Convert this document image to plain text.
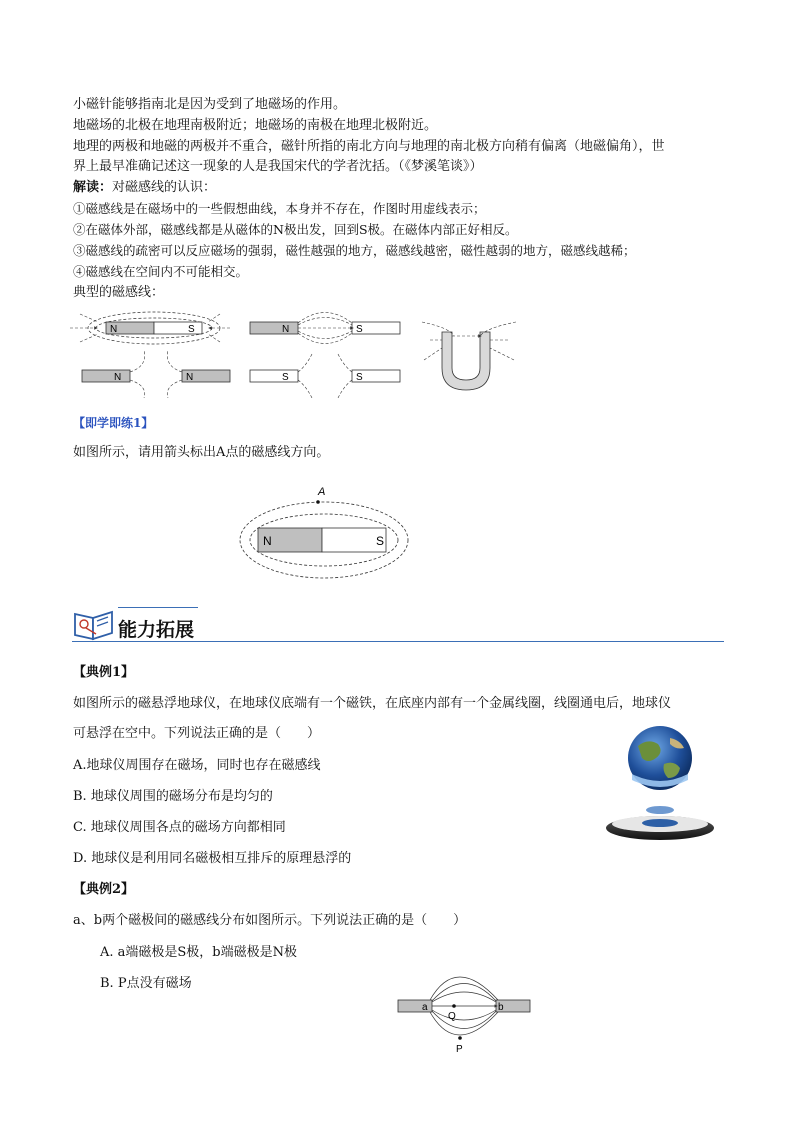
小磁针能够指南北是因为受到了地磁场的作用。
地磁场的北极在地理南极附近；地磁场的南极在地理北极附近。
地理的两极和地磁的两极并不重合，磁针所指的南北方向与地理的南北极方向稍有偏离（地磁偏角），世
界上最早准确记述这一现象的人是我国宋代的学者沈括。（《梦溪笔谈》）
解读：对磁感线的认识：
①磁感线是在磁场中的一些假想曲线，本身并不存在，作图时用虚线表示；
②在磁体外部，磁感线都是从磁体的N极出发，回到S极。在磁体内部正好相反。
③磁感线的疏密可以反应磁场的强弱，磁性越强的地方，磁感线越密，磁性越弱的地方，磁感线越稀；
④磁感线在空间内不可能相交。
典型的磁感线：
N	S	N	S
N	N	S	S
【即学即练1】
如图所示，请用箭头标出A点的磁感线方向。
N	S
A
能力拓展
【典例1】
如图所示的磁悬浮地球仪，在地球仪底端有一个磁铁，在底座内部有一个金属线圈，线圈通电后，地球仪
可悬浮在空中。下列说法正确的是（　　）
A.地球仪周围存在磁场，同时也存在磁感线
B. 地球仪周围的磁场分布是均匀的
C. 地球仪周围各点的磁场方向都相同
D. 地球仪是利用同名磁极相互排斥的原理悬浮的
【典例2】
a、b两个磁极间的磁感线分布如图所示。下列说法正确的是（　　）
A. a端磁极是S极，b端磁极是N极
B. P点没有磁场
a	b
Q
P
